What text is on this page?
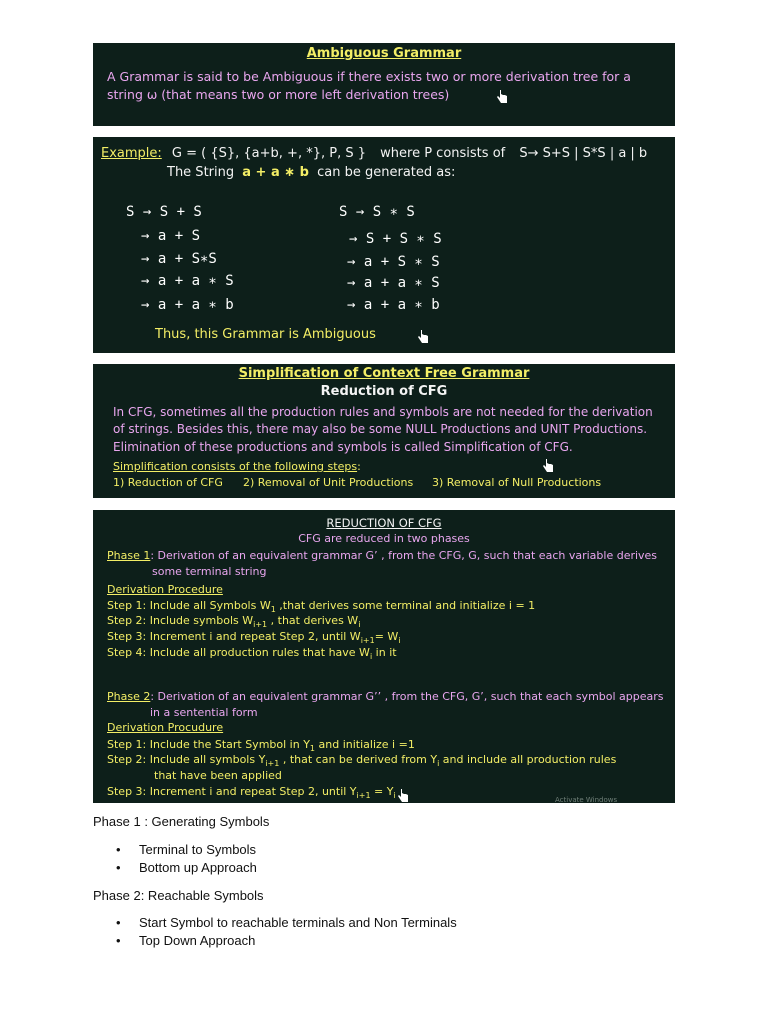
Ambiguous Grammar
A Grammar is said to be Ambiguous if there exists two or more derivation tree for a
string ω (that means two or more left derivation trees)
Example: G = ( {S}, {a+b, +, *}, P, S } where P consists of S→ S+S | S*S | a | b
The String a + a ∗ b can be generated as:
S → S + S
→ a + S
→ a + S∗S
→ a + a ∗ S
→ a + a ∗ b
S → S ∗ S
→ S + S ∗ S
→ a + S ∗ S
→ a + a ∗ S
→ a + a ∗ b
Thus, this Grammar is Ambiguous
Simplification of Context Free Grammar
Reduction of CFG
In CFG, sometimes all the production rules and symbols are not needed for the derivation
of strings. Besides this, there may also be some NULL Productions and UNIT Productions.
Elimination of these productions and symbols is called Simplification of CFG.
Simplification consists of the following steps:
1) Reduction of CFG 2) Removal of Unit Productions 3) Removal of Null Productions
REDUCTION OF CFG
CFG are reduced in two phases
Phase 1: Derivation of an equivalent grammar G’ , from the CFG, G, such that each variable derives
some terminal string
Derivation Procedure
Step 1: Include all Symbols $W_1$ ,that derives some terminal and initialize i = 1
Step 2: Include symbols $W_{i+1}$ , that derives $W_i$
Step 3: Increment i and repeat Step 2, until $W_{i+1}= W_i$
Step 4: Include all production rules that have $W_i$ in it
Phase 2: Derivation of an equivalent grammar G’’ , from the CFG, G’, such that each symbol appears
in a sentential form
Derivation Procudure
Step 1: Include the Start Symbol in $Y_1$ and initialize i =1
Step 2: Include all symbols $Y_{i+1}$ , that can be derived from $Y_i$ and include all production rules
that have been applied
Step 3: Increment i and repeat Step 2, until $Y_{i+1} = Y_i$	Activate Windows
Phase 1 : Generating Symbols
• Terminal to Symbols
• Bottom up Approach
Phase 2: Reachable Symbols
• Start Symbol to reachable terminals and Non Terminals
• Top Down Approach
